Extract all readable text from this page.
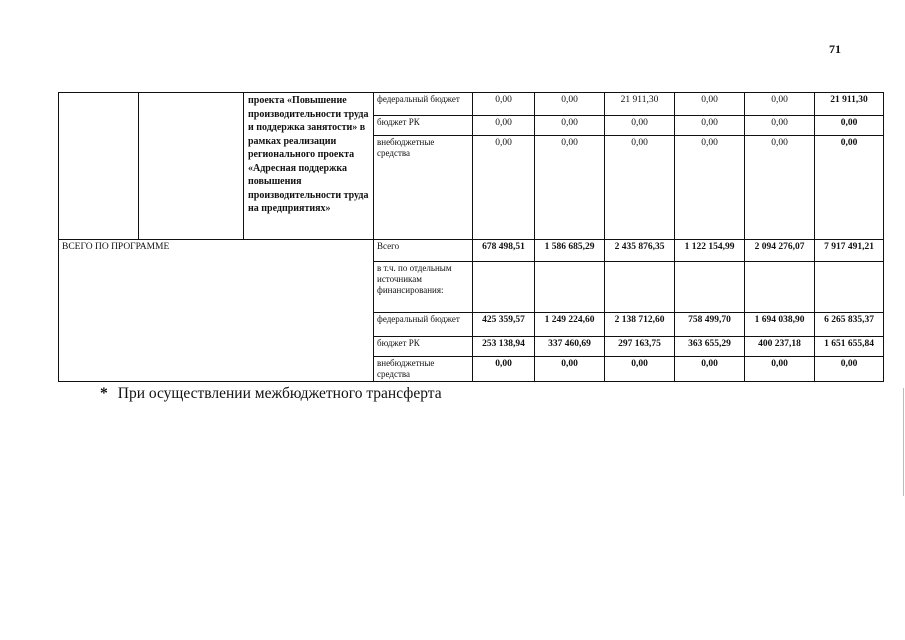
71
		проекта «Повышение производительности труда и поддержка занятости» в рамках реализации регионального проекта «Адресная поддержка повышения производительности труда на предприятиях»	федеральный бюджет	0,00	0,00	21 911,30	0,00	0,00	21 911,30
			бюджет РК	0,00	0,00	0,00	0,00	0,00	0,00
			внебюджетные средства	0,00	0,00	0,00	0,00	0,00	0,00
ВСЕГО ПО ПРОГРАММЕ			Всего	678 498,51	1 586 685,29	2 435 876,35	1 122 154,99	2 094 276,07	7 917 491,21
			в т.ч. по отдельным источникам финансирования:						
			федеральный бюджет	425 359,57	1 249 224,60	2 138 712,60	758 499,70	1 694 038,90	6 265 835,37
			бюджет РК	253 138,94	337 460,69	297 163,75	363 655,29	400 237,18	1 651 655,84
			внебюджетные средства	0,00	0,00	0,00	0,00	0,00	0,00
* При осуществлении межбюджетного трансферта
